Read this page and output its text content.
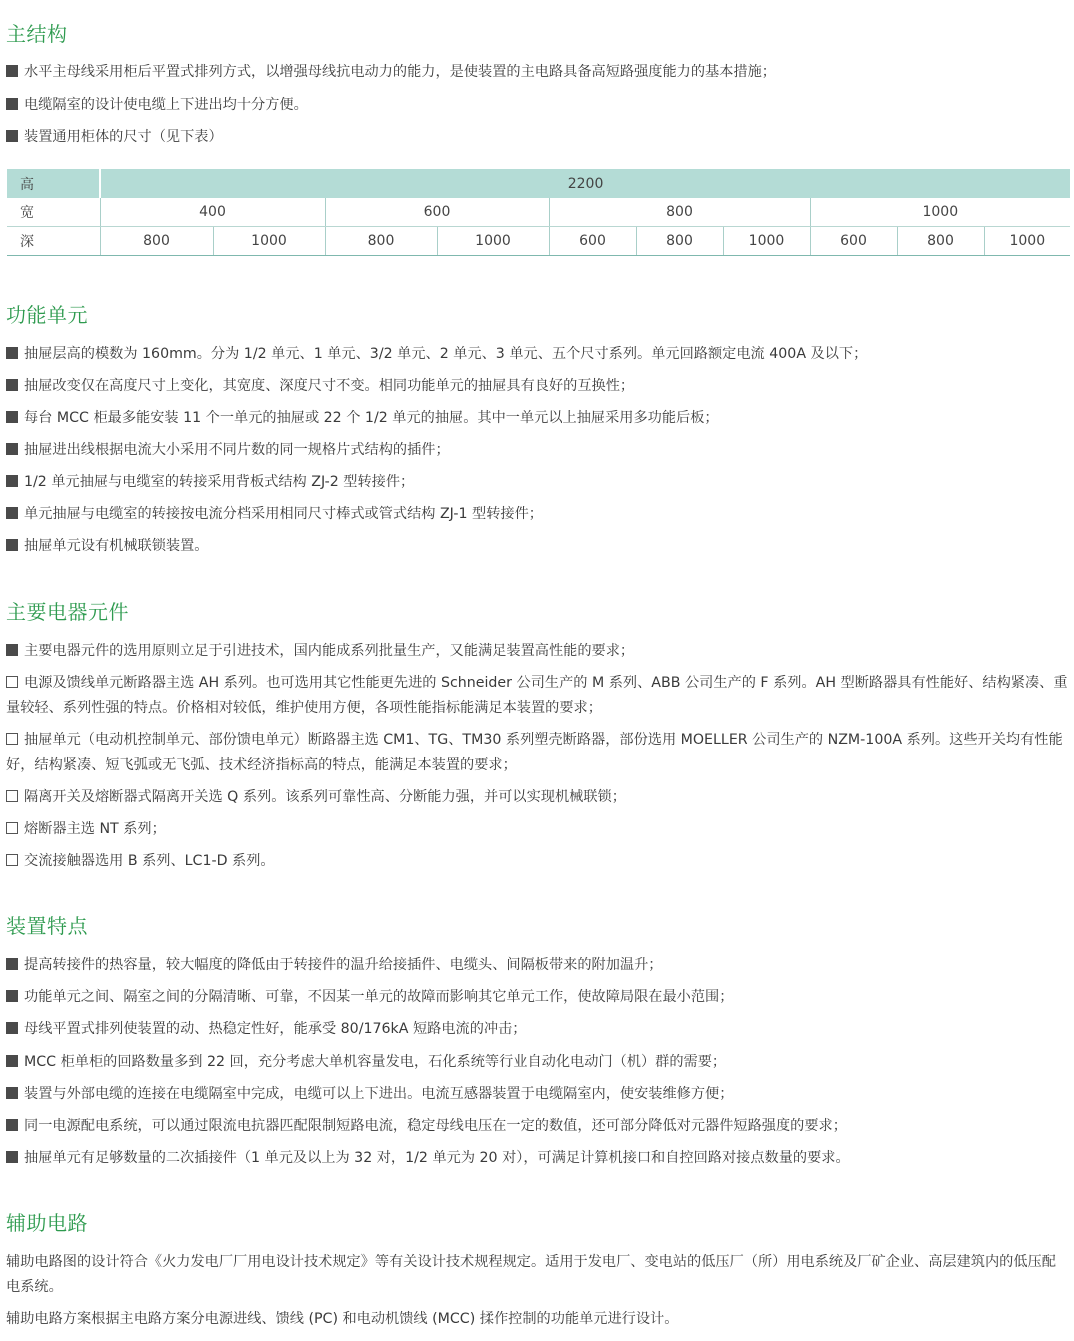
主结构
水平主母线采用柜后平置式排列方式，以增强母线抗电动力的能力，是使装置的主电路具备高短路强度能力的基本措施；
电缆隔室的设计使电缆上下进出均十分方便。
装置通用柜体的尺寸（见下表）
高	2200									
宽	400		600		800			1000		
深	800	1000	800	1000	600	800	1000	600	800	1000
功能单元
抽屉层高的模数为 160mm。分为 1/2 单元、1 单元、3/2 单元、2 单元、3 单元、五个尺寸系列。单元回路额定电流 400A 及以下；
抽屉改变仅在高度尺寸上变化，其宽度、深度尺寸不变。相同功能单元的抽屉具有良好的互换性；
每台 MCC 柜最多能安装 11 个一单元的抽屉或 22 个 1/2 单元的抽屉。其中一单元以上抽屉采用多功能后板；
抽屉进出线根据电流大小采用不同片数的同一规格片式结构的插件；
1/2 单元抽屉与电缆室的转接采用背板式结构 ZJ-2 型转接件；
单元抽屉与电缆室的转接按电流分档采用相同尺寸棒式或管式结构 ZJ-1 型转接件；
抽屉单元设有机械联锁装置。
主要电器元件
主要电器元件的选用原则立足于引进技术，国内能成系列批量生产，又能满足装置高性能的要求；
电源及馈线单元断路器主选 AH 系列。也可选用其它性能更先进的 Schneider 公司生产的 M 系列、ABB 公司生产的 F 系列。AH 型断路器具有性能好、结构紧凑、重量较轻、系列性强的特点。价格相对较低，维护使用方便，各项性能指标能满足本装置的要求；
抽屉单元（电动机控制单元、部份馈电单元）断路器主选 CM1、TG、TM30 系列塑壳断路器，部份选用 MOELLER 公司生产的 NZM-100A 系列。这些开关均有性能好，结构紧凑、短飞弧或无飞弧、技术经济指标高的特点，能满足本装置的要求；
隔离开关及熔断器式隔离开关选 Q 系列。该系列可靠性高、分断能力强，并可以实现机械联锁；
熔断器主选 NT 系列；
交流接触器选用 B 系列、LC1-D 系列。
装置特点
提高转接件的热容量，较大幅度的降低由于转接件的温升给接插件、电缆头、间隔板带来的附加温升；
功能单元之间、隔室之间的分隔清晰、可靠，不因某一单元的故障而影响其它单元工作，使故障局限在最小范围；
母线平置式排列使装置的动、热稳定性好，能承受 80/176kA 短路电流的冲击；
MCC 柜单柜的回路数量多到 22 回，充分考虑大单机容量发电，石化系统等行业自动化电动门（机）群的需要；
装置与外部电缆的连接在电缆隔室中完成，电缆可以上下进出。电流互感器装置于电缆隔室内，使安装维修方便；
同一电源配电系统，可以通过限流电抗器匹配限制短路电流，稳定母线电压在一定的数值，还可部分降低对元器件短路强度的要求；
抽屉单元有足够数量的二次插接件（1 单元及以上为 32 对，1/2 单元为 20 对），可满足计算机接口和自控回路对接点数量的要求。
辅助电路
辅助电路图的设计符合《火力发电厂厂用电设计技术规定》等有关设计技术规程规定。适用于发电厂、变电站的低压厂（所）用电系统及厂矿企业、高层建筑内的低压配电系统。
辅助电路方案根据主电路方案分电源进线、馈线 (PC) 和电动机馈线 (MCC) 揉作控制的功能单元进行设计。
